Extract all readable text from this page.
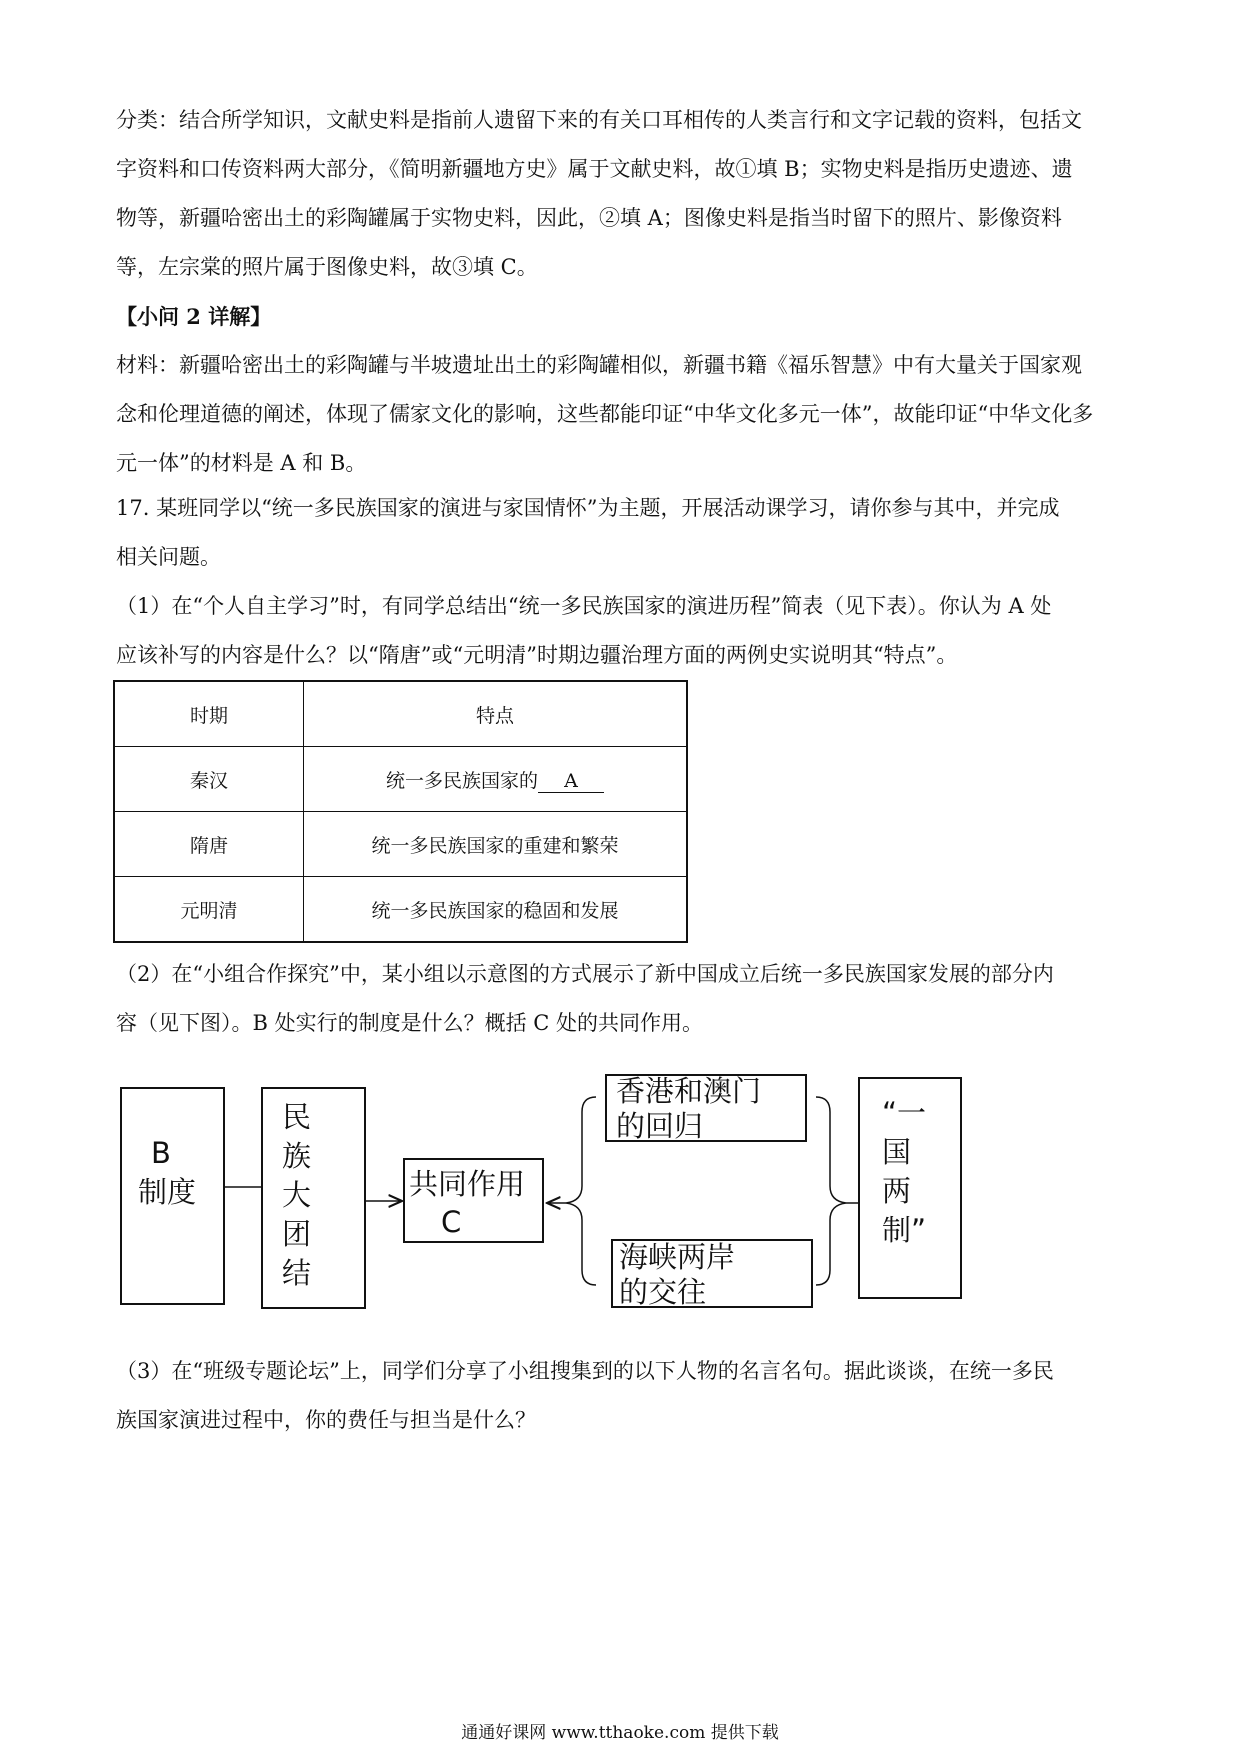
分类：结合所学知识，文献史料是指前人遗留下来的有关口耳相传的人类言行和文字记载的资料，包括文
字资料和口传资料两大部分，《简明新疆地方史》属于文献史料，故①填 B；实物史料是指历史遗迹、遗
物等，新疆哈密出土的彩陶罐属于实物史料，因此，②填 A；图像史料是指当时留下的照片、影像资料
等，左宗棠的照片属于图像史料，故③填 C。
【小问 2 详解】
材料：新疆哈密出土的彩陶罐与半坡遗址出土的彩陶罐相似，新疆书籍《福乐智慧》中有大量关于国家观
念和伦理道德的阐述，体现了儒家文化的影响，这些都能印证“中华文化多元一体”，故能印证“中华文化多
元一体”的材料是 A 和 B。
17. 某班同学以“统一多民族国家的演进与家国情怀”为主题，开展活动课学习，请你参与其中，并完成
相关问题。
（1）在“个人自主学习”时，有同学总结出“统一多民族国家的演进历程”简表（见下表）。你认为 A 处
应该补写的内容是什么？以“隋唐”或“元明清”时期边疆治理方面的两例史实说明其“特点”。
时期	特点
秦汉	统一多民族国家的 A
隋唐	统一多民族国家的重建和繁荣
元明清	统一多民族国家的稳固和发展
（2）在“小组合作探究”中，某小组以示意图的方式展示了新中国成立后统一多民族国家发展的部分内
容（见下图）。B 处实行的制度是什么？概括 C 处的共同作用。
B
制度
民
族
大
团
结
共同作用
C
香港和澳门
的回归
海峡两岸
的交往
“一
国
两
制”
（3）在“班级专题论坛”上，同学们分享了小组搜集到的以下人物的名言名句。据此谈谈，在统一多民
族国家演进过程中，你的费任与担当是什么？
通通好课网 www.tthaoke.com 提供下载
